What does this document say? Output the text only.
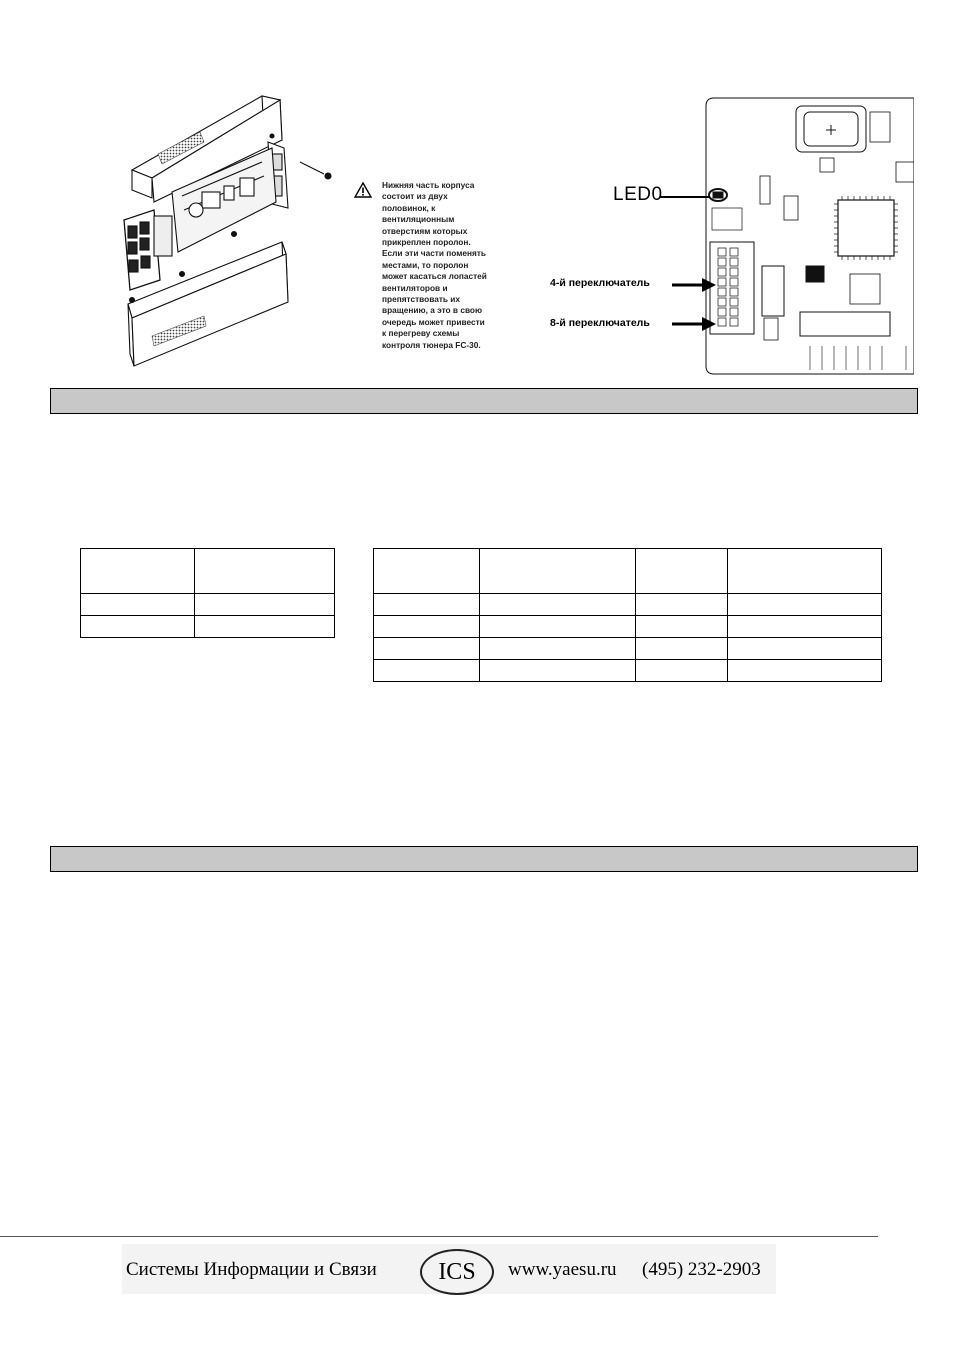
Нижняя часть корпуса
состоит из двух
половинок, к
вентиляционным
отверстиям которых
прикреплен поролон.
Если эти части поменять
местами, то поролон
может касаться лопастей
вентиляторов и
препятствовать их
вращению, а это в свою
очередь может привести
к перегреву схемы
контроля тюнера FC-30.
LED0
4-й переключатель
8-й переключатель

Системы Информации и Связи	ICS	www.yaesu.ru (495) 232-2903
